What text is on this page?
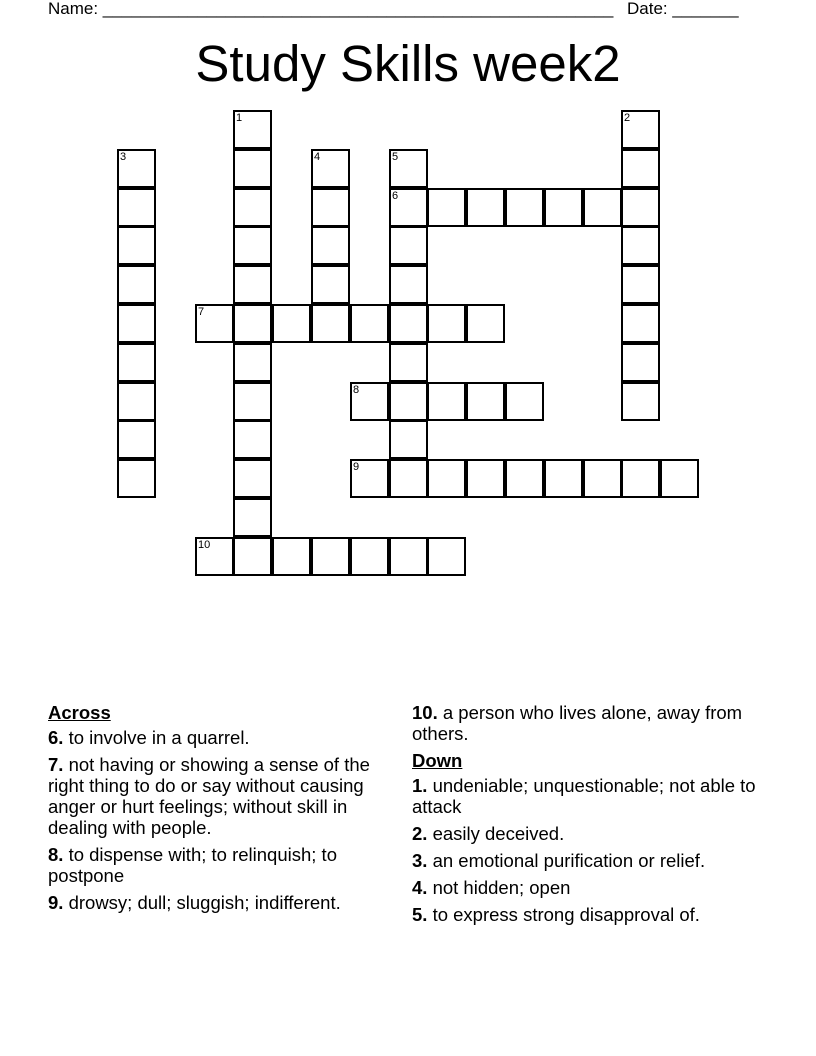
Name: ______________________________________________________ Date: _______
Study Skills week2
1	2
3	4	5
6
7
8
9
10
Across
6. to involve in a quarrel.
7. not having or showing a sense of the right thing to do or say without causing anger or hurt feelings; without skill in dealing with people.
8. to dispense with; to relinquish; to postpone
9. drowsy; dull; sluggish; indifferent.
10. a person who lives alone, away from others.
Down
1. undeniable; unquestionable; not able to attack
2. easily deceived.
3. an emotional purification or relief.
4. not hidden; open
5. to express strong disapproval of.
